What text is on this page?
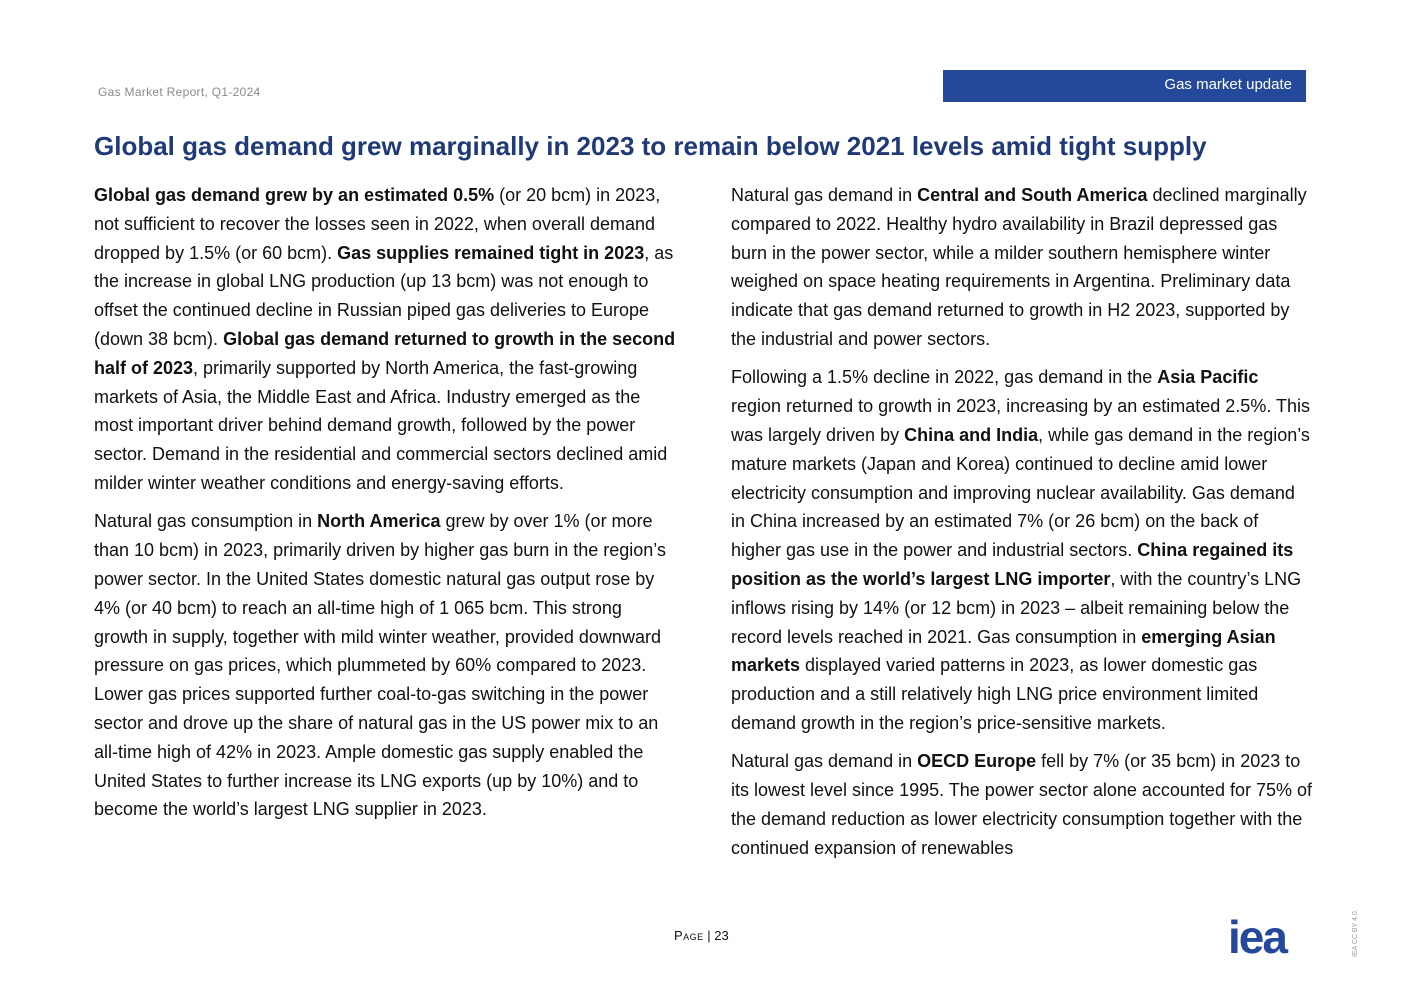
Gas Market Report, Q1-2024	Gas market update
Global gas demand grew marginally in 2023 to remain below 2021 levels amid tight supply

Global gas demand grew by an estimated 0.5% (or 20 bcm) in 2023, not sufficient to recover the losses seen in 2022, when overall demand dropped by 1.5% (or 60 bcm). Gas supplies remained tight in 2023, as the increase in global LNG production (up 13 bcm) was not enough to offset the continued decline in Russian piped gas deliveries to Europe (down 38 bcm). Global gas demand returned to growth in the second half of 2023, primarily supported by North America, the fast-growing markets of Asia, the Middle East and Africa. Industry emerged as the most important driver behind demand growth, followed by the power sector. Demand in the residential and commercial sectors declined amid milder winter weather conditions and energy-saving efforts.

Natural gas consumption in North America grew by over 1% (or more than 10 bcm) in 2023, primarily driven by higher gas burn in the region’s power sector. In the United States domestic natural gas output rose by 4% (or 40 bcm) to reach an all-time high of 1 065 bcm. This strong growth in supply, together with mild winter weather, provided downward pressure on gas prices, which plummeted by 60% compared to 2023. Lower gas prices supported further coal-to-gas switching in the power sector and drove up the share of natural gas in the US power mix to an all-time high of 42% in 2023. Ample domestic gas supply enabled the United States to further increase its LNG exports (up by 10%) and to become the world’s largest LNG supplier in 2023.

Natural gas demand in Central and South America declined marginally compared to 2022. Healthy hydro availability in Brazil depressed gas burn in the power sector, while a milder southern hemisphere winter weighed on space heating requirements in Argentina. Preliminary data indicate that gas demand returned to growth in H2 2023, supported by the industrial and power sectors.

Following a 1.5% decline in 2022, gas demand in the Asia Pacific region returned to growth in 2023, increasing by an estimated 2.5%. This was largely driven by China and India, while gas demand in the region’s mature markets (Japan and Korea) continued to decline amid lower electricity consumption and improving nuclear availability. Gas demand in China increased by an estimated 7% (or 26 bcm) on the back of higher gas use in the power and industrial sectors. China regained its position as the world’s largest LNG importer, with the country’s LNG inflows rising by 14% (or 12 bcm) in 2023 – albeit remaining below the record levels reached in 2021. Gas consumption in emerging Asian markets displayed varied patterns in 2023, as lower domestic gas production and a still relatively high LNG price environment limited demand growth in the region’s price-sensitive markets.

Natural gas demand in OECD Europe fell by 7% (or 35 bcm) in 2023 to its lowest level since 1995. The power sector alone accounted for 75% of the demand reduction as lower electricity consumption together with the continued expansion of renewables

Page | 23	iea	IEA CC BY 4.0.
